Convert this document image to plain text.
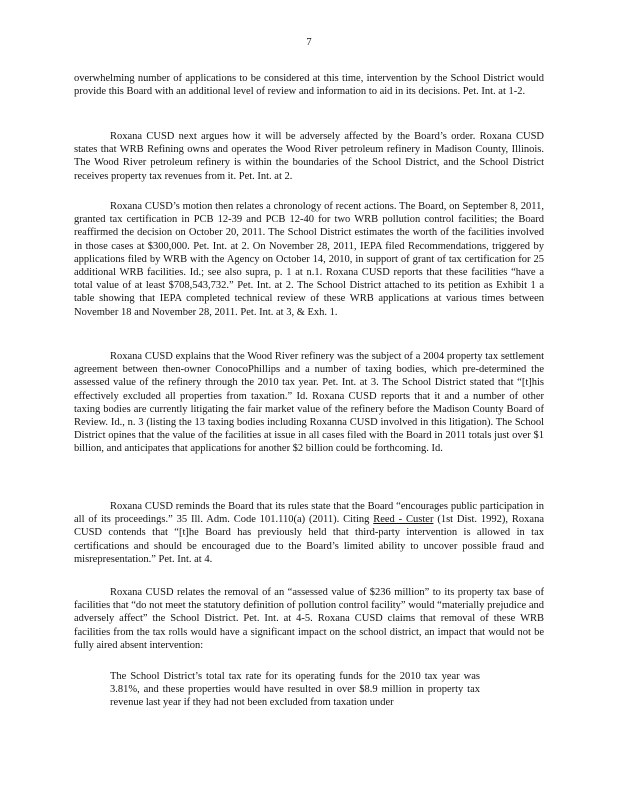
7

overwhelming number of applications to be considered at this time, intervention by the School District would provide this Board with an additional level of review and information to aid in its decisions. Pet. Int. at 1-2.

Roxana CUSD next argues how it will be adversely affected by the Board’s order. Roxana CUSD states that WRB Refining owns and operates the Wood River petroleum refinery in Madison County, Illinois. The Wood River petroleum refinery is within the boundaries of the School District, and the School District receives property tax revenues from it. Pet. Int. at 2.

Roxana CUSD’s motion then relates a chronology of recent actions. The Board, on September 8, 2011, granted tax certification in PCB 12-39 and PCB 12-40 for two WRB pollution control facilities; the Board reaffirmed the decision on October 20, 2011. The School District estimates the worth of the facilities involved in those cases at $300,000. Pet. Int. at 2. On November 28, 2011, IEPA filed Recommendations, triggered by applications filed by WRB with the Agency on October 14, 2010, in support of grant of tax certification for 25 additional WRB facilities. Id.; see also supra, p. 1 at n.1. Roxana CUSD reports that these facilities “have a total value of at least $708,543,732.” Pet. Int. at 2. The School District attached to its petition as Exhibit 1 a table showing that IEPA completed technical review of these WRB applications at various times between November 18 and November 28, 2011. Pet. Int. at 3, & Exh. 1.

Roxana CUSD explains that the Wood River refinery was the subject of a 2004 property tax settlement agreement between then-owner ConocoPhillips and a number of taxing bodies, which pre-determined the assessed value of the refinery through the 2010 tax year. Pet. Int. at 3. The School District stated that “[t]his effectively excluded all properties from taxation.” Id. Roxana CUSD reports that it and a number of other taxing bodies are currently litigating the fair market value of the refinery before the Madison County Board of Review. Id., n. 3 (listing the 13 taxing bodies including Roxanna CUSD involved in this litigation). The School District opines that the value of the facilities at issue in all cases filed with the Board in 2011 totals just over $1 billion, and anticipates that applications for another $2 billion could be forthcoming. Id.

Roxana CUSD reminds the Board that its rules state that the Board “encourages public participation in all of its proceedings.” 35 Ill. Adm. Code 101.110(a) (2011). Citing Reed - Custer (1st Dist. 1992), Roxana CUSD contends that “[t]he Board has previously held that third-party intervention is allowed in tax certifications and should be encouraged due to the Board’s limited ability to uncover possible fraud and misrepresentation.” Pet. Int. at 4.

Roxana CUSD relates the removal of an “assessed value of $236 million” to its property tax base of facilities that “do not meet the statutory definition of pollution control facility” would “materially prejudice and adversely affect” the School District. Pet. Int. at 4-5. Roxana CUSD claims that removal of these WRB facilities from the tax rolls would have a significant impact on the school district, an impact that would not be fully aired absent intervention:

The School District’s total tax rate for its operating funds for the 2010 tax year was 3.81%, and these properties would have resulted in over $8.9 million in property tax revenue last year if they had not been excluded from taxation under
